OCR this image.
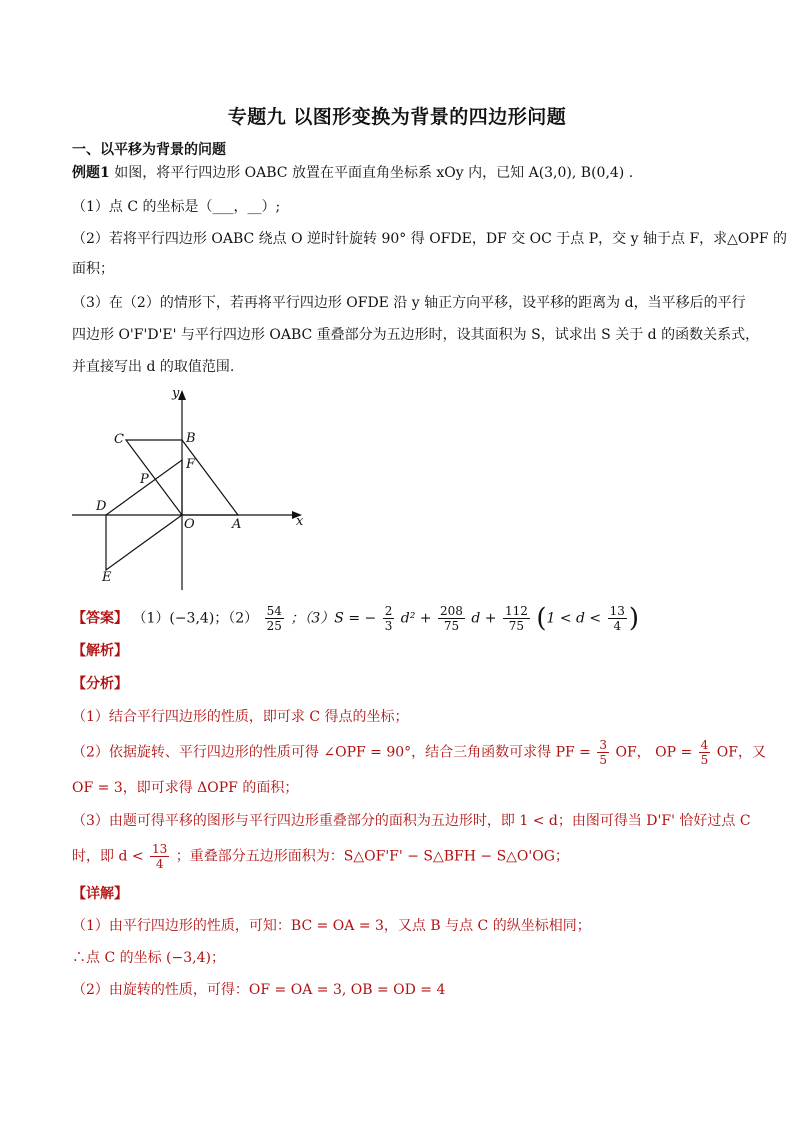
专题九 以图形变换为背景的四边形问题
一、以平移为背景的问题
例题1 如图，将平行四边形 OABC 放置在平面直角坐标系 xOy 内，已知 A(3,0), B(0,4) .
（1）点 C 的坐标是（___，__）;
（2）若将平行四边形 OABC 绕点 O 逆时针旋转 90° 得 OFDE，DF 交 OC 于点 P，交 y 轴于点 F，求△OPF 的
面积；
（3）在（2）的情形下，若再将平行四边形 OFDE 沿 y 轴正方向平移，设平移的距离为 d，当平移后的平行
四边形 O'F'D'E' 与平行四边形 OABC 重叠部分为五边形时，设其面积为 S，试求出 S 关于 d 的函数关系式，
并直接写出 d 的取值范围.
y
x
C	B
F
P
D
O	A
E
【答案】 （1）(−3,4)；$(2) \frac{54}{25}$ ；（3）S = − $\frac{2}{3} d^2 + \frac{208}{75}$ $d + \frac{112}{75} (1 < d < \frac{13}{4}$ )
【解析】
【分析】
（1）结合平行四边形的性质，即可求 C 得点的坐标；
（2）依据旋转、平行四边形的性质可得 ∠OPF = 90°，结合三角函数可求得 PF = $\frac{3}{5}$ OF， OP = $\frac{4}{5}$ OF，又
OF = 3，即可求得 ΔOPF 的面积；
（3）由题可得平移的图形与平行四边形重叠部分的面积为五边形时，即 1 < d；由图可得当 D'F' 恰好过点 C
时，即 $d < \frac{13}{4}$ ；重叠部分五边形面积为：S△OF'F' − S△BFH − S△O'OG；
【详解】
（1）由平行四边形的性质，可知：BC = OA = 3，又点 B 与点 C 的纵坐标相同；
∴点 C 的坐标 (−3,4)；
（2）由旋转的性质，可得：OF = OA = 3, OB = OD = 4
